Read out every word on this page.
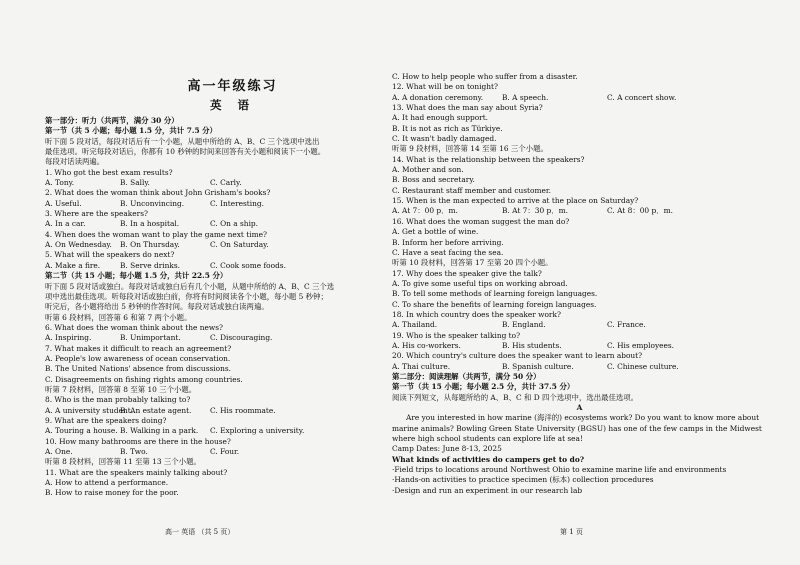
高一年级练习
英 语
第一部分：听力（共两节，满分 30 分）
第一节（共 5 小题；每小题 1.5 分，共计 7.5 分）
听下面 5 段对话，每段对话后有一个小题，从题中所给的 A、B、C 三个选项中选出
最佳选项。听完每段对话后，你都有 10 秒钟的时间来回答有关小题和阅读下一小题。
每段对话读两遍。
1. Who got the best exam results?
A. Tony.	B. Sally.	C. Carly.
2. What does the woman think about John Grisham's books?
A. Useful.	B. Unconvincing.	C. Interesting.
3. Where are the speakers?
A. In a car.	B. In a hospital.	C. On a ship.
4. When does the woman want to play the game next time?
A. On Wednesday. B. On Thursday.	C. On Saturday.
5. What will the speakers do next?
A. Make a fire.	B. Serve drinks.	C. Cook some foods.
第二节（共 15 小题；每小题 1.5 分，共计 22.5 分）
听下面 5 段对话或独白。每段对话或独白后有几个小题，从题中所给的 A、B、C 三个选
项中选出最佳选项。听每段对话或独白前，你将有时间阅读各个小题，每小题 5 秒钟；
听完后，各小题将给出 5 秒钟的作答时间。每段对话或独白读两遍。
听第 6 段材料，回答第 6 和第 7 两个小题。
6. What does the woman think about the news?
A. Inspiring.	B. Unimportant.	C. Discouraging.
7. What makes it difficult to reach an agreement?
A. People's low awareness of ocean conservation.
B. The United Nations' absence from discussions.
C. Disagreements on fishing rights among countries.
听第 7 段材料，回答第 8 至第 10 三个小题。
8. Who is the man probably talking to?
A. A university student.B. An estate agent.	C. His roommate.
9. What are the speakers doing?
A. Touring a house. B. Walking in a park. C. Exploring a university.
10. How many bathrooms are there in the house?
A. One.	B. Two.	C. Four.
听第 8 段材料，回答第 11 至第 13 三个小题。
11. What are the speakers mainly talking about?
A. How to attend a performance.
B. How to raise money for the poor.
C. How to help people who suffer from a disaster.
12. What will be on tonight?
A. A donation ceremony.	B. A speech.	C. A concert show.
13. What does the man say about Syria?
A. It had enough support.
B. It is not as rich as Türkiye.
C. It wasn't badly damaged.
听第 9 段材料，回答第 14 至第 16 三个小题。
14. What is the relationship between the speakers?
A. Mother and son.
B. Boss and secretary.
C. Restaurant staff member and customer.
15. When is the man expected to arrive at the place on Saturday?
A. At 7：00 p．m.	B. At 7：30 p．m.	C. At 8：00 p．m.
16. What does the woman suggest the man do?
A. Get a bottle of wine.
B. Inform her before arriving.
C. Have a seat facing the sea.
听第 10 段材料，回答第 17 至第 20 四个小题。
17. Why does the speaker give the talk?
A. To give some useful tips on working abroad.
B. To tell some methods of learning foreign languages.
C. To share the benefits of learning foreign languages.
18. In which country does the speaker work?
A. Thailand.	B. England.	C. France.
19. Who is the speaker talking to?
A. His co-workers.	B. His students.	C. His employees.
20. Which country's culture does the speaker want to learn about?
A. Thai culture.	B. Spanish culture.	C. Chinese culture.
第二部分：阅读理解（共两节，满分 50 分）
第一节（共 15 小题；每小题 2.5 分，共计 37.5 分）
阅读下列短文，从每题所给的 A、B、C 和 D 四个选项中，选出最佳选项。
A
Are you interested in how marine (海洋的) ecosystems work? Do you want to know more about marine animals? Bowling Green State University (BGSU) has one of the few camps in the Midwest where high school students can explore life at sea!
Camp Dates: June 8-13, 2025
What kinds of activities do campers get to do?
·Field trips to locations around Northwest Ohio to examine marine life and environments
·Hands-on activities to practice specimen (标本) collection procedures
·Design and run an experiment in our research lab
高一 英语 （共 5 页）	第 1 页
